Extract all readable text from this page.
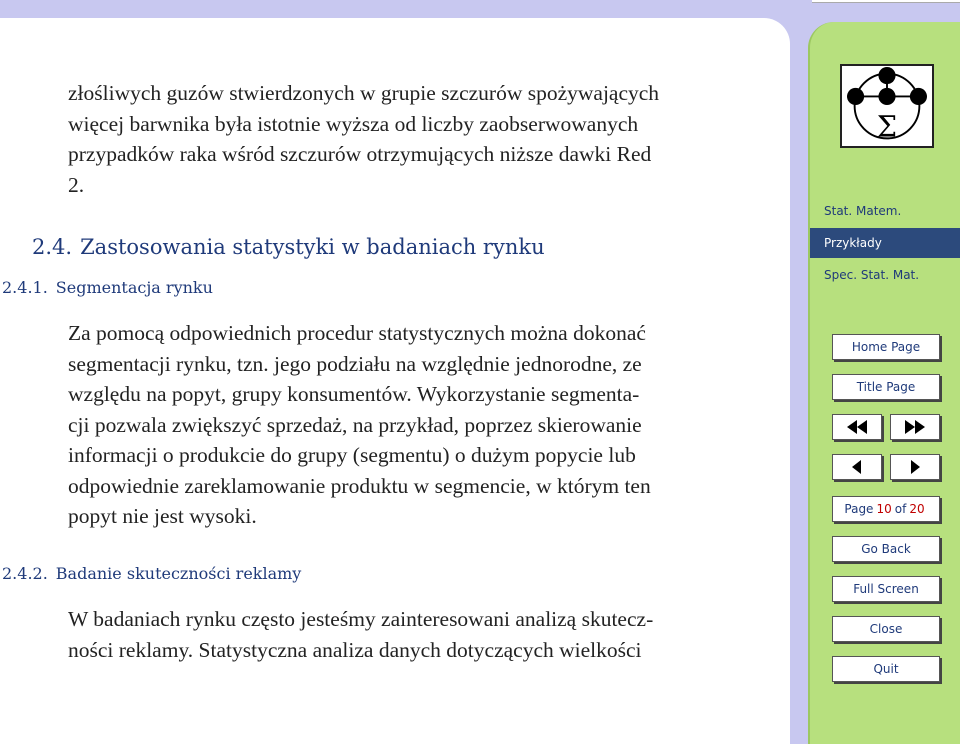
złośliwych guzów stwierdzonych w grupie szczurów spożywających
więcej barwnika była istotnie wyższa od liczby zaobserwowanych
przypadków raka wśród szczurów otrzymujących niższe dawki Red
2.
2.4. Zastosowania statystyki w badaniach rynku
2.4.1. Segmentacja rynku
Za pomocą odpowiednich procedur statystycznych można dokonać
segmentacji rynku, tzn. jego podziału na względnie jednorodne, ze
względu na popyt, grupy konsumentów. Wykorzystanie segmenta-
cji pozwala zwiększyć sprzedaż, na przykład, poprzez skierowanie
informacji o produkcie do grupy (segmentu) o dużym popycie lub
odpowiednie zareklamowanie produktu w segmencie, w którym ten
popyt nie jest wysoki.
2.4.2. Badanie skuteczności reklamy
W badaniach rynku często jesteśmy zainteresowani analizą skutecz-
ności reklamy. Statystyczna analiza danych dotyczących wielkości
Σ
Stat. Matem.
Przykłady
Spec. Stat. Mat.
Home Page
Title Page
Page 10 of 20
Go Back
Full Screen
Close
Quit
